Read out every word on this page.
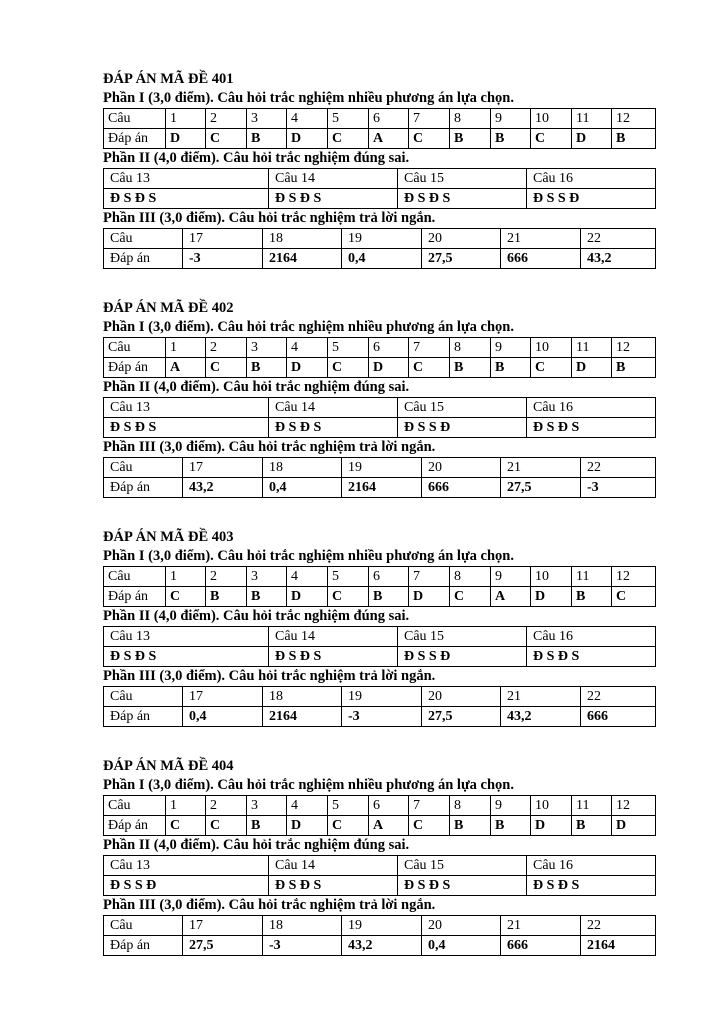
ĐÁP ÁN MÃ ĐỀ 401
Phần I (3,0 điểm). Câu hỏi trắc nghiệm nhiều phương án lựa chọn.
Câu	1	2	3	4	5	6	7	8	9	10	11	12
Đáp án	D	C	B	D	C	A	C	B	B	C	D	B
Phần II (4,0 điểm). Câu hỏi trắc nghiệm đúng sai.
Câu 13	Câu 14	Câu 15	Câu 16
Đ S Đ S	Đ S Đ S	Đ S Đ S	Đ S S Đ
Phần III (3,0 điểm). Câu hỏi trắc nghiệm trả lời ngắn.
Câu	17	18	19	20	21	22
Đáp án	-3	2164	0,4	27,5	666	43,2
ĐÁP ÁN MÃ ĐỀ 402
Phần I (3,0 điểm). Câu hỏi trắc nghiệm nhiều phương án lựa chọn.
Câu	1	2	3	4	5	6	7	8	9	10	11	12
Đáp án	A	C	B	D	C	D	C	B	B	C	D	B
Phần II (4,0 điểm). Câu hỏi trắc nghiệm đúng sai.
Câu 13	Câu 14	Câu 15	Câu 16
Đ S Đ S	Đ S Đ S	Đ S S Đ	Đ S Đ S
Phần III (3,0 điểm). Câu hỏi trắc nghiệm trả lời ngắn.
Câu	17	18	19	20	21	22
Đáp án	43,2	0,4	2164	666	27,5	-3
ĐÁP ÁN MÃ ĐỀ 403
Phần I (3,0 điểm). Câu hỏi trắc nghiệm nhiều phương án lựa chọn.
Câu	1	2	3	4	5	6	7	8	9	10	11	12
Đáp án	C	B	B	D	C	B	D	C	A	D	B	C
Phần II (4,0 điểm). Câu hỏi trắc nghiệm đúng sai.
Câu 13	Câu 14	Câu 15	Câu 16
Đ S Đ S	Đ S Đ S	Đ S S Đ	Đ S Đ S
Phần III (3,0 điểm). Câu hỏi trắc nghiệm trả lời ngắn.
Câu	17	18	19	20	21	22
Đáp án	0,4	2164	-3	27,5	43,2	666
ĐÁP ÁN MÃ ĐỀ 404
Phần I (3,0 điểm). Câu hỏi trắc nghiệm nhiều phương án lựa chọn.
Câu	1	2	3	4	5	6	7	8	9	10	11	12
Đáp án	C	C	B	D	C	A	C	B	B	D	B	D
Phần II (4,0 điểm). Câu hỏi trắc nghiệm đúng sai.
Câu 13	Câu 14	Câu 15	Câu 16
Đ S S Đ	Đ S Đ S	Đ S Đ S	Đ S Đ S
Phần III (3,0 điểm). Câu hỏi trắc nghiệm trả lời ngắn.
Câu	17	18	19	20	21	22
Đáp án	27,5	-3	43,2	0,4	666	2164
